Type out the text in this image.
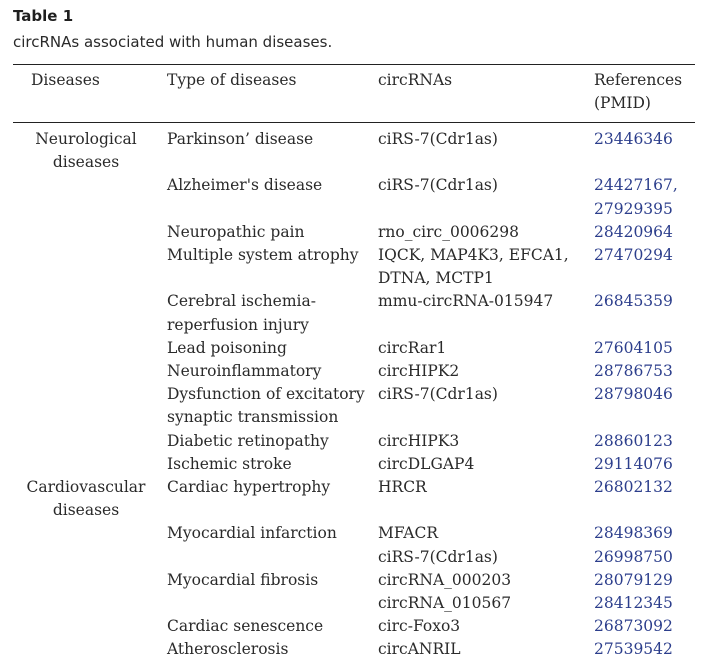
Table 1
circRNAs associated with human diseases.
Diseases	Type of diseases	circRNAs	References (PMID)

Neurological diseases	Parkinson’ disease	ciRS-7(Cdr1as)	23446346
	Alzheimer's disease	ciRS-7(Cdr1as)	24427167, 27929395
	Neuropathic pain	rno_circ_0006298	28420964
	Multiple system atrophy	IQCK, MAP4K3, EFCA1, DTNA, MCTP1	27470294
	Cerebral ischemia-reperfusion injury	mmu-circRNA-015947	26845359
	Lead poisoning	circRar1	27604105
	Neuroinflammatory	circHIPK2	28786753
	Dysfunction of excitatory synaptic transmission	ciRS-7(Cdr1as)	28798046
	Diabetic retinopathy	circHIPK3	28860123
	Ischemic stroke	circDLGAP4	29114076
Cardiovascular diseases	Cardiac hypertrophy	HRCR	26802132
	Myocardial infarction	MFACR	28498369
		ciRS-7(Cdr1as)	26998750
	Myocardial fibrosis	circRNA_000203	28079129
		circRNA_010567	28412345
	Cardiac senescence	circ-Foxo3	26873092
	Atherosclerosis	circANRIL	27539542
